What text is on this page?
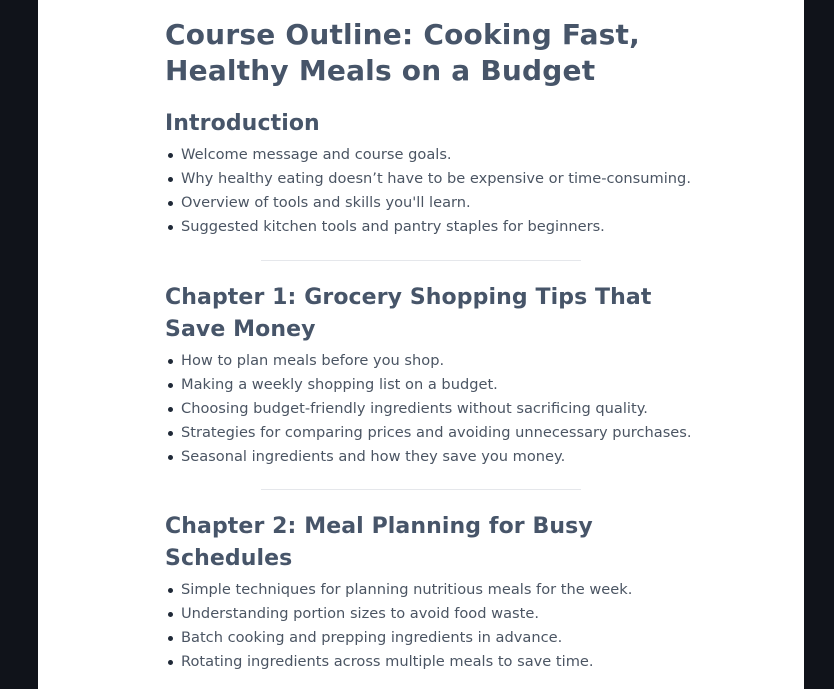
Course Outline: Cooking Fast, Healthy Meals on a Budget
Introduction
Welcome message and course goals.
Why healthy eating doesn’t have to be expensive or time-consuming.
Overview of tools and skills you'll learn.
Suggested kitchen tools and pantry staples for beginners.
Chapter 1: Grocery Shopping Tips That Save Money
How to plan meals before you shop.
Making a weekly shopping list on a budget.
Choosing budget-friendly ingredients without sacrificing quality.
Strategies for comparing prices and avoiding unnecessary purchases.
Seasonal ingredients and how they save you money.
Chapter 2: Meal Planning for Busy Schedules
Simple techniques for planning nutritious meals for the week.
Understanding portion sizes to avoid food waste.
Batch cooking and prepping ingredients in advance.
Rotating ingredients across multiple meals to save time.
